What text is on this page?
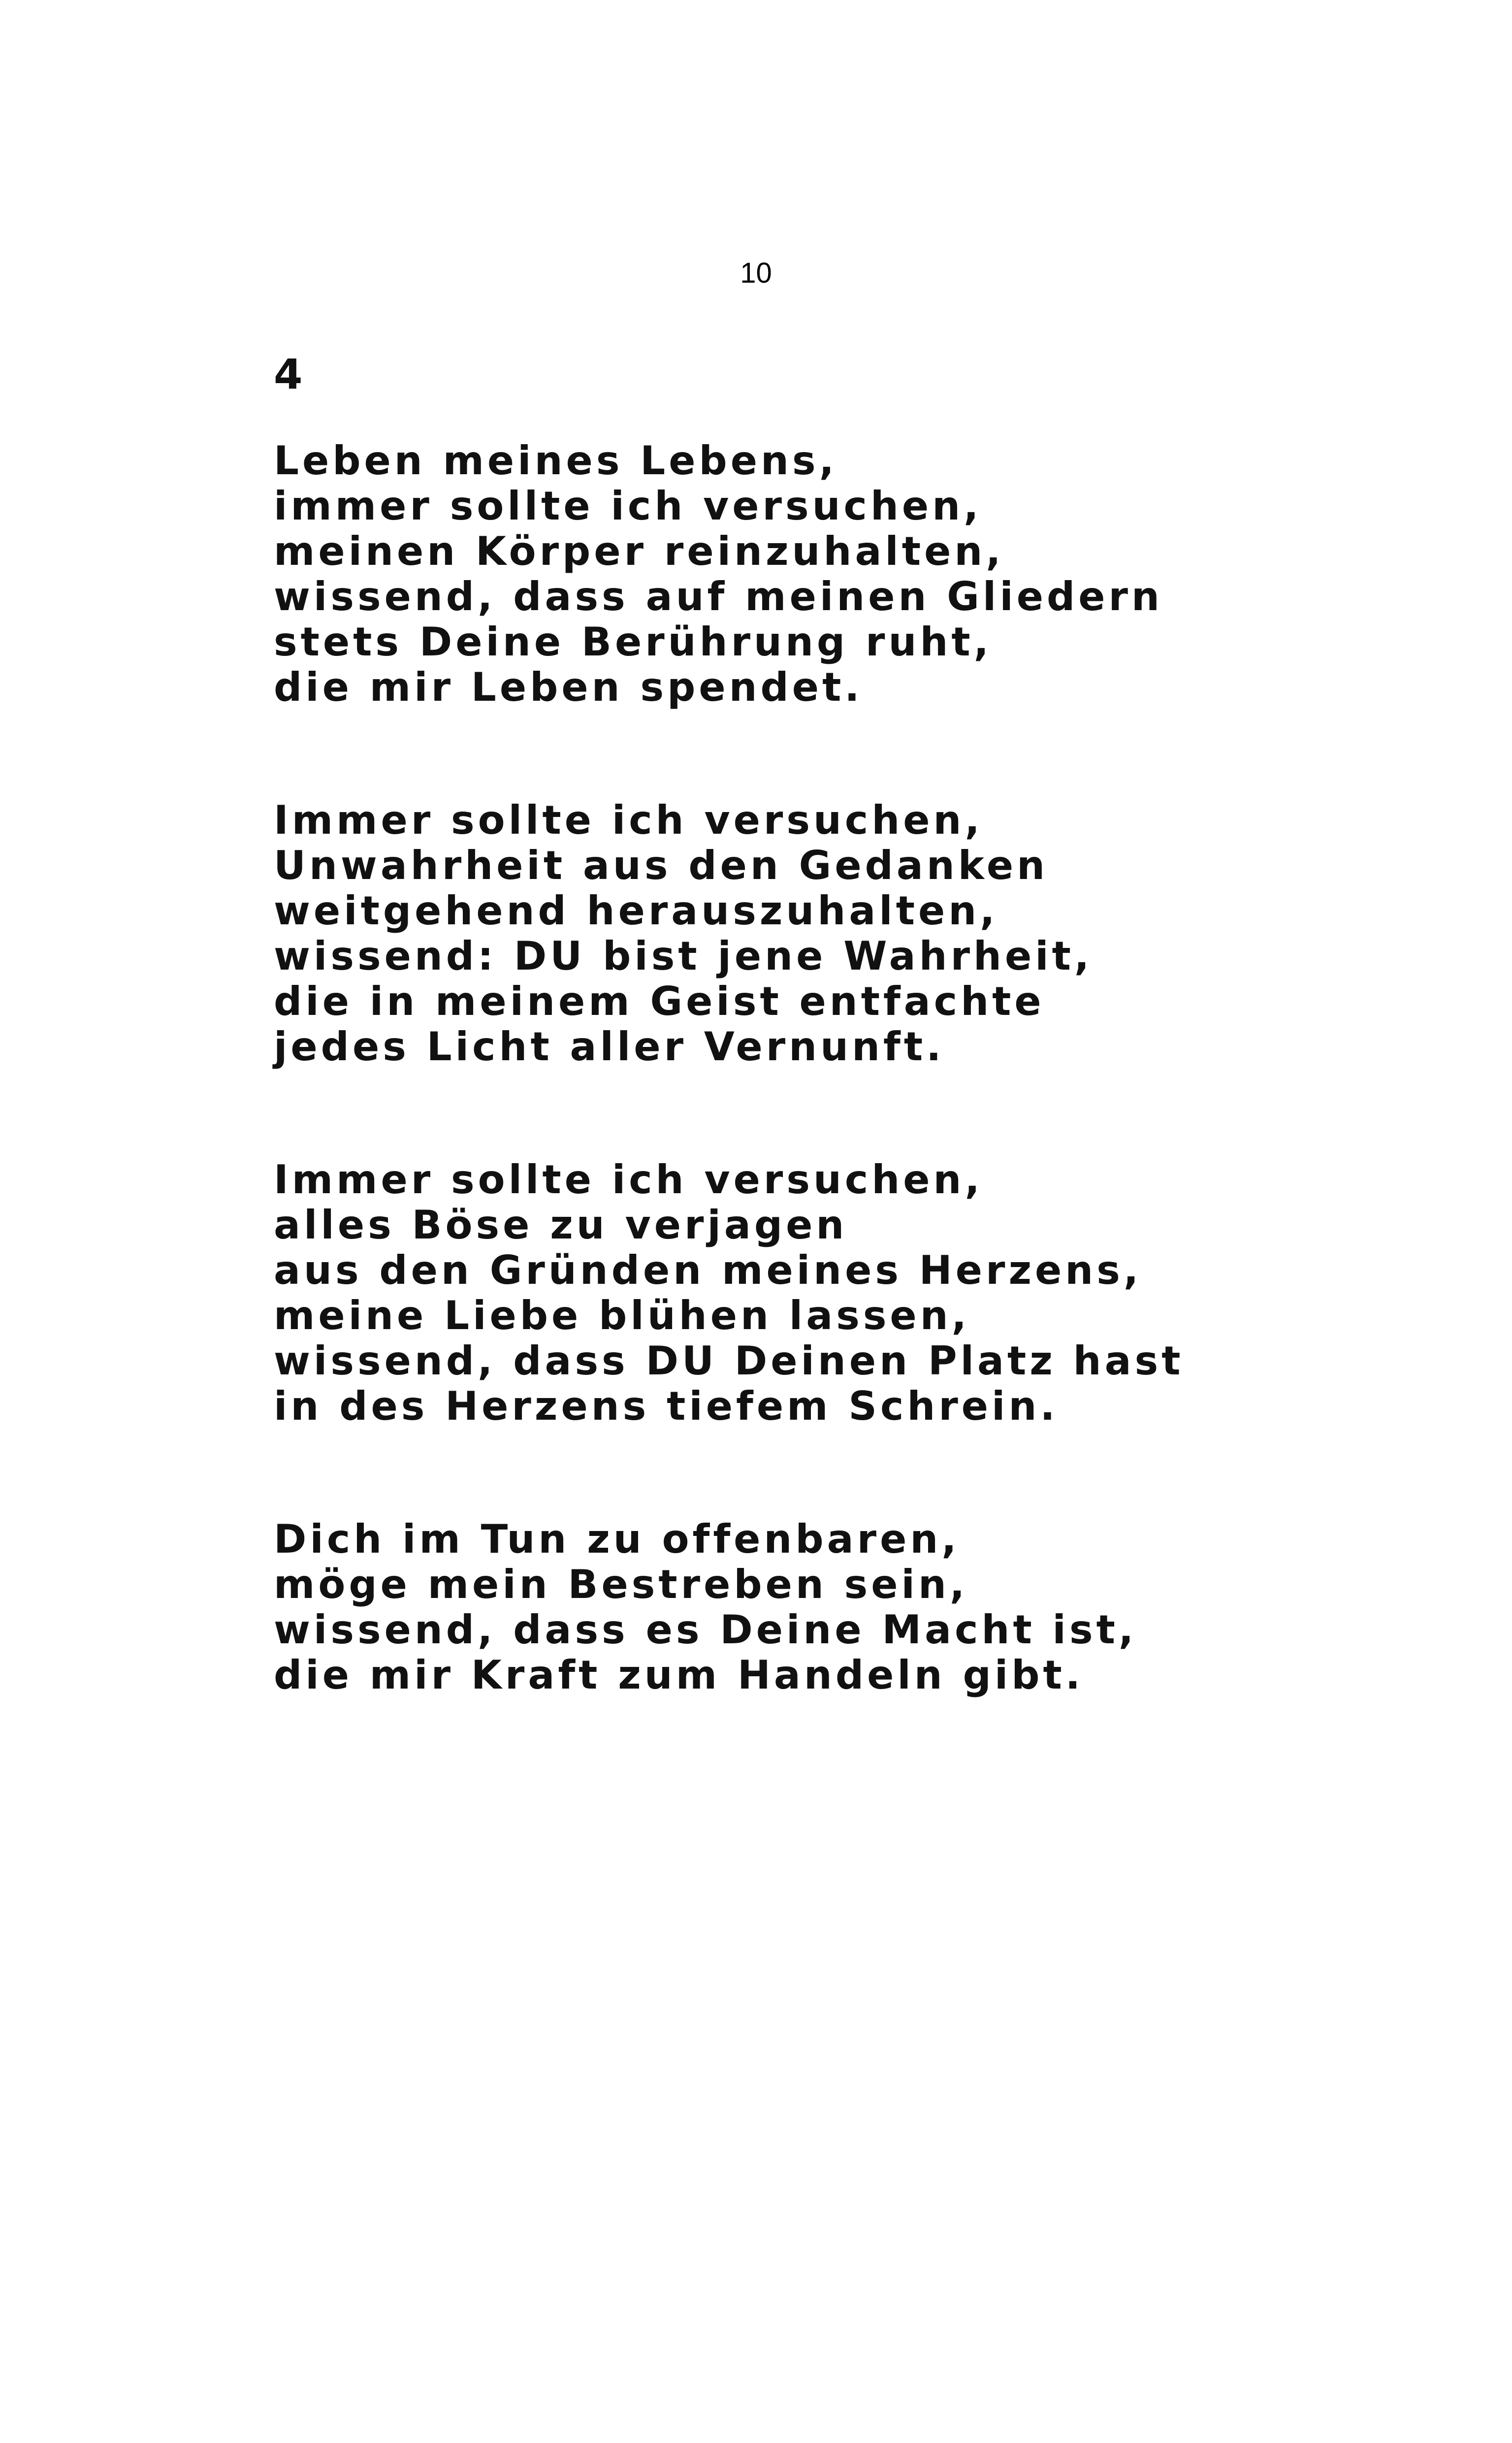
10
4
Leben meines Lebens,
immer sollte ich versuchen,
meinen Körper reinzuhalten,
wissend, dass auf meinen Gliedern
stets Deine Berührung ruht,
die mir Leben spendet.
Immer sollte ich versuchen,
Unwahrheit aus den Gedanken
weitgehend herauszuhalten,
wissend: DU bist jene Wahrheit,
die in meinem Geist entfachte
jedes Licht aller Vernunft.
Immer sollte ich versuchen,
alles Böse zu verjagen
aus den Gründen meines Herzens,
meine Liebe blühen lassen,
wissend, dass DU Deinen Platz hast
in des Herzens tiefem Schrein.
Dich im Tun zu offenbaren,
möge mein Bestreben sein,
wissend, dass es Deine Macht ist,
die mir Kraft zum Handeln gibt.
